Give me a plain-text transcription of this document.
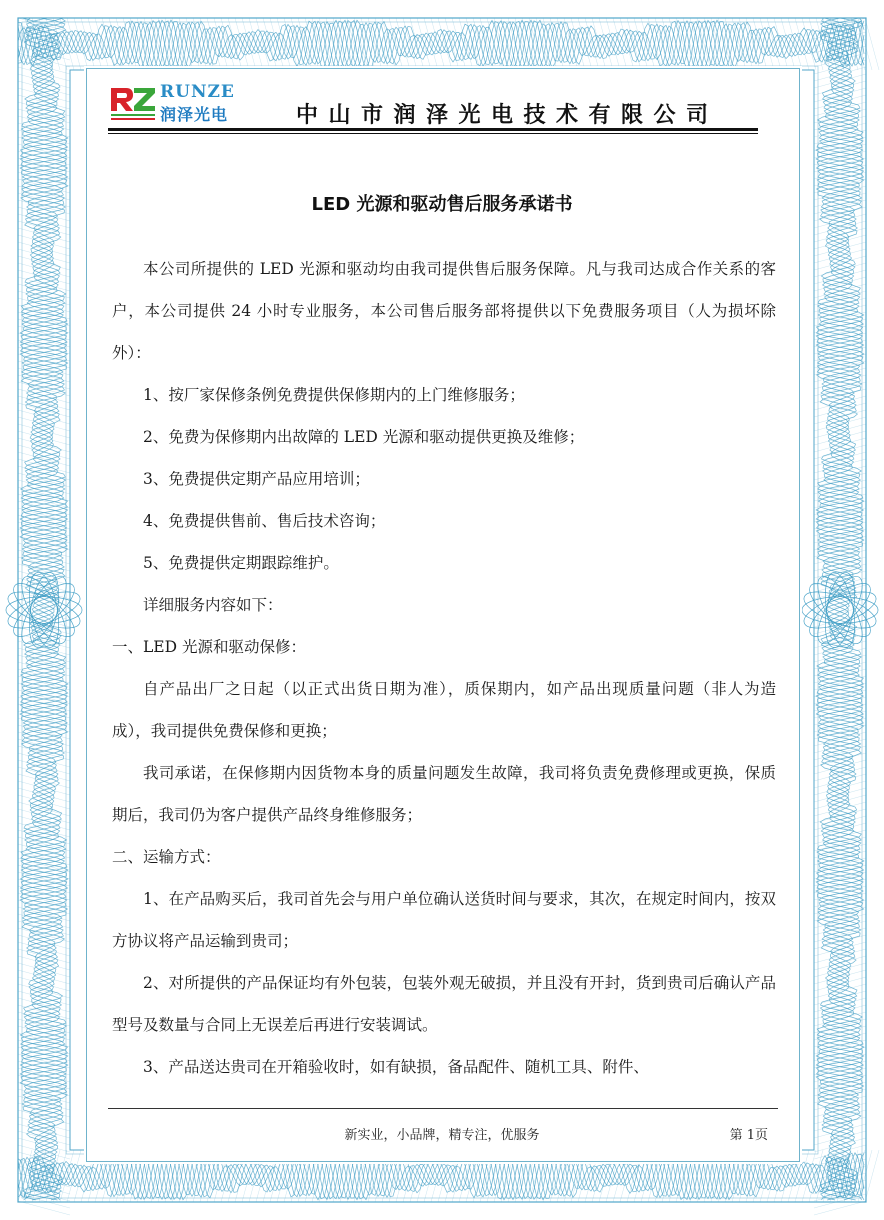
RUNZE
润泽光电	中山市润泽光电技术有限公司
LED 光源和驱动售后服务承诺书

本公司所提供的 LED 光源和驱动均由我司提供售后服务保障。凡与我司达成合作关系的客户，本公司提供 24 小时专业服务，本公司售后服务部将提供以下免费服务项目（人为损坏除外）：

1、按厂家保修条例免费提供保修期内的上门维修服务；

2、免费为保修期内出故障的 LED 光源和驱动提供更换及维修；

3、免费提供定期产品应用培训；

4、免费提供售前、售后技术咨询；

5、免费提供定期跟踪维护。

详细服务内容如下：

一、LED 光源和驱动保修：

自产品出厂之日起（以正式出货日期为准），质保期内，如产品出现质量问题（非人为造成），我司提供免费保修和更换；

我司承诺，在保修期内因货物本身的质量问题发生故障，我司将负责免费修理或更换，保质期后，我司仍为客户提供产品终身维修服务；

二、运输方式：

1、在产品购买后，我司首先会与用户单位确认送货时间与要求，其次，在规定时间内，按双方协议将产品运输到贵司；

2、对所提供的产品保证均有外包装，包装外观无破损，并且没有开封，货到贵司后确认产品型号及数量与合同上无误差后再进行安装调试。

3、产品送达贵司在开箱验收时，如有缺损，备品配件、随机工具、附件、

新实业，小品牌，精专注，优服务	第 1页
